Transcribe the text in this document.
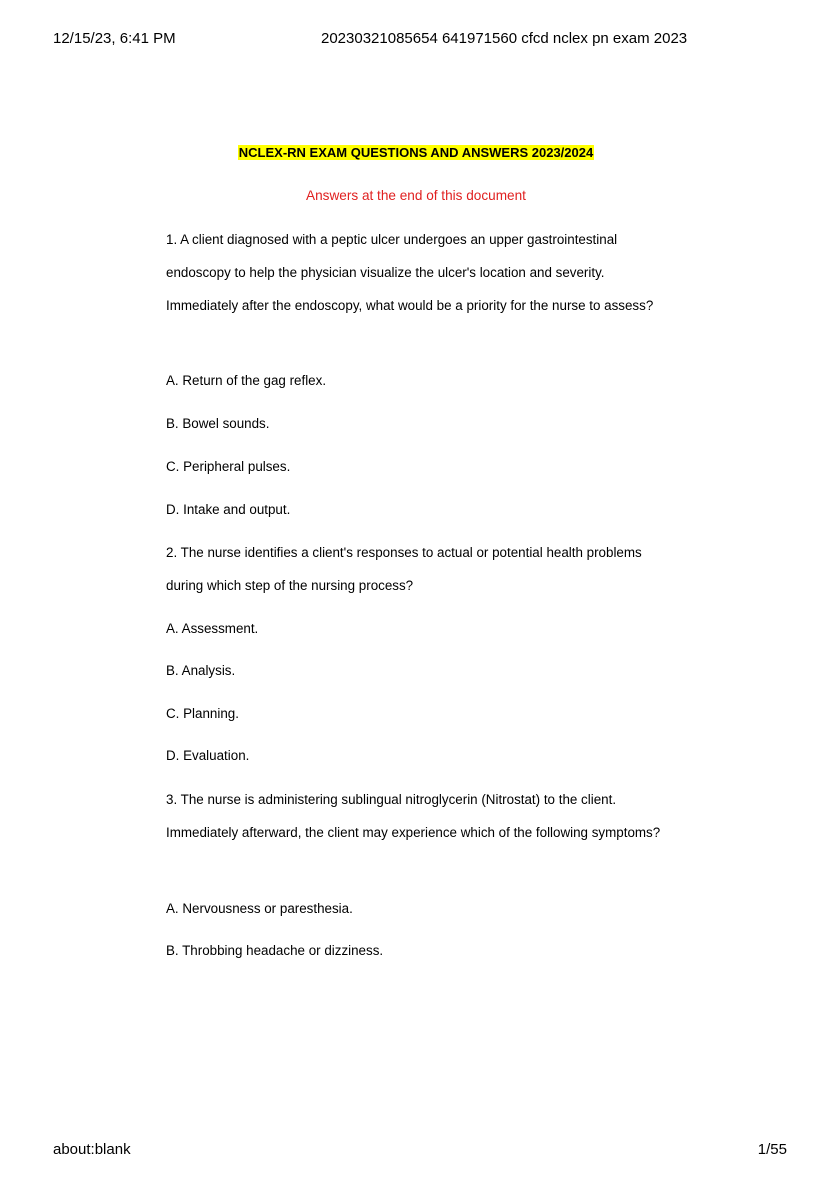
12/15/23, 6:41 PM	20230321085654 641971560 cfcd nclex pn exam 2023
NCLEX-RN EXAM QUESTIONS AND ANSWERS 2023/2024
Answers at the end of this document
1. A client diagnosed with a peptic ulcer undergoes an upper gastrointestinal endoscopy to help the physician visualize the ulcer's location and severity. Immediately after the endoscopy, what would be a priority for the nurse to assess?
A. Return of the gag reflex.
B. Bowel sounds.
C. Peripheral pulses.
D. Intake and output.
2. The nurse identifies a client's responses to actual or potential health problems during which step of the nursing process?
A. Assessment.
B. Analysis.
C. Planning.
D. Evaluation.
3. The nurse is administering sublingual nitroglycerin (Nitrostat) to the client. Immediately afterward, the client may experience which of the following symptoms?
A. Nervousness or paresthesia.
B. Throbbing headache or dizziness.
about:blank	1/55
